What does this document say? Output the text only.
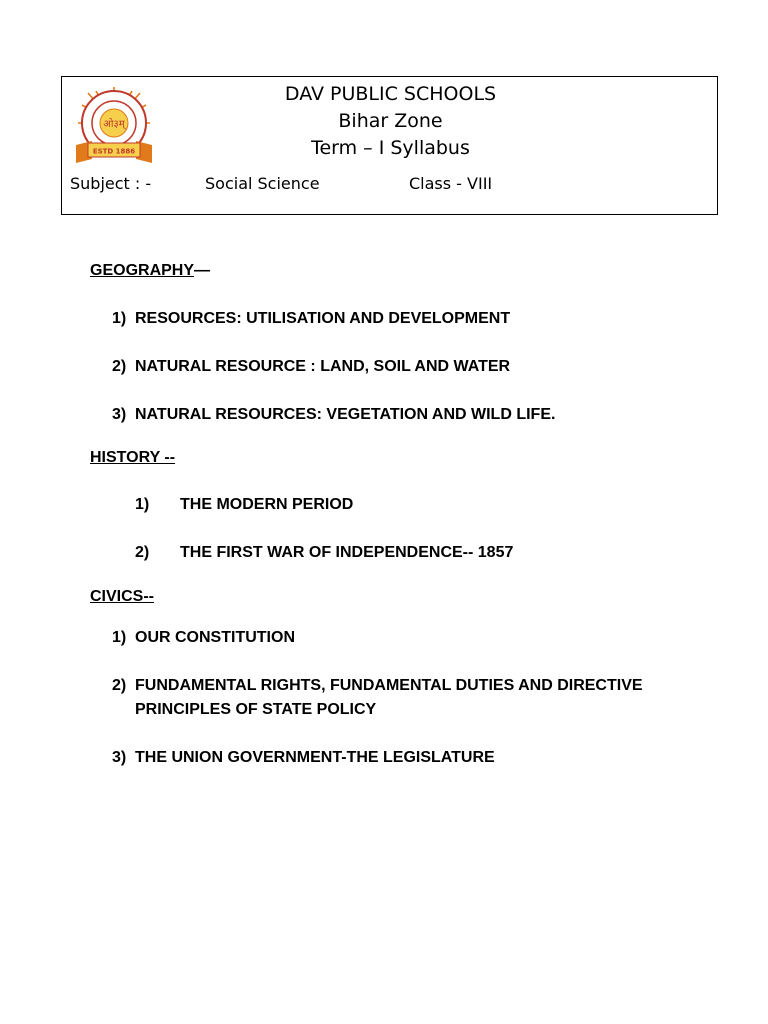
ओ३म्
ESTD 1886
DAV PUBLIC SCHOOLS
Bihar Zone
Term – I Syllabus
Subject : -	Social Science	Class - VIII
GEOGRAPHY—
1) RESOURCES: UTILISATION AND DEVELOPMENT
2) NATURAL RESOURCE : LAND, SOIL AND WATER
3) NATURAL RESOURCES: VEGETATION AND WILD LIFE.
HISTORY --
1) THE MODERN PERIOD
2) THE FIRST WAR OF INDEPENDENCE-- 1857
CIVICS--
1) OUR CONSTITUTION
2) FUNDAMENTAL RIGHTS, FUNDAMENTAL DUTIES AND DIRECTIVE PRINCIPLES OF STATE POLICY
3) THE UNION GOVERNMENT-THE LEGISLATURE
